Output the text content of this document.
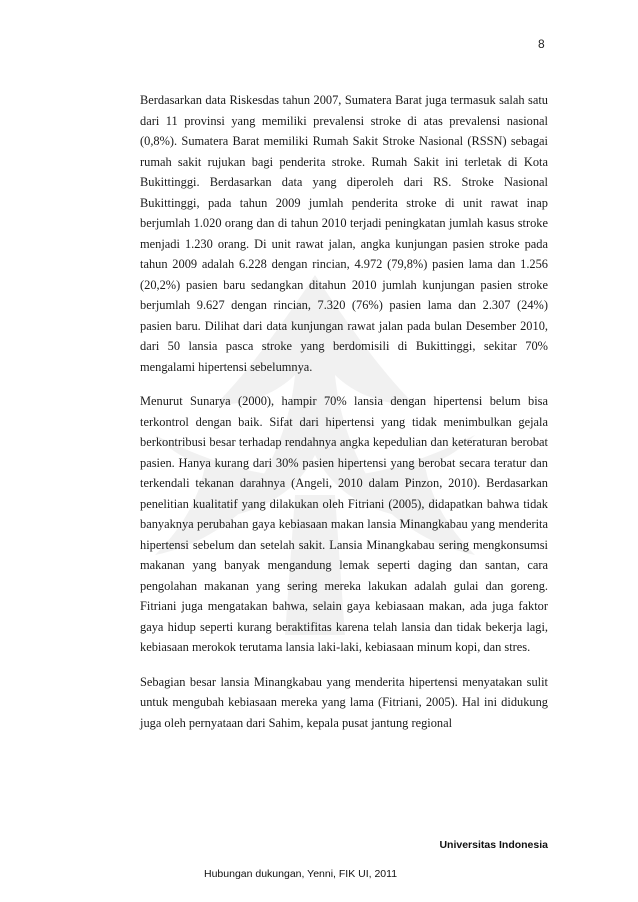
8

Berdasarkan data Riskesdas tahun 2007, Sumatera Barat juga termasuk salah satu dari 11 provinsi yang memiliki prevalensi stroke di atas prevalensi nasional (0,8%). Sumatera Barat memiliki Rumah Sakit Stroke Nasional (RSSN) sebagai rumah sakit rujukan bagi penderita stroke. Rumah Sakit ini terletak di Kota Bukittinggi. Berdasarkan data yang diperoleh dari RS. Stroke Nasional Bukittinggi, pada tahun 2009 jumlah penderita stroke di unit rawat inap berjumlah 1.020 orang dan di tahun 2010 terjadi peningkatan jumlah kasus stroke menjadi 1.230 orang. Di unit rawat jalan, angka kunjungan pasien stroke pada tahun 2009 adalah 6.228 dengan rincian, 4.972 (79,8%) pasien lama dan 1.256 (20,2%) pasien baru sedangkan ditahun 2010 jumlah kunjungan pasien stroke berjumlah 9.627 dengan rincian, 7.320 (76%) pasien lama dan 2.307 (24%) pasien baru. Dilihat dari data kunjungan rawat jalan pada bulan Desember 2010, dari 50 lansia pasca stroke yang berdomisili di Bukittinggi, sekitar 70% mengalami hipertensi sebelumnya.

Menurut Sunarya (2000), hampir 70% lansia dengan hipertensi belum bisa terkontrol dengan baik. Sifat dari hipertensi yang tidak menimbulkan gejala berkontribusi besar terhadap rendahnya angka kepedulian dan keteraturan berobat pasien. Hanya kurang dari 30% pasien hipertensi yang berobat secara teratur dan terkendali tekanan darahnya (Angeli, 2010 dalam Pinzon, 2010). Berdasarkan penelitian kualitatif yang dilakukan oleh Fitriani (2005), didapatkan bahwa tidak banyaknya perubahan gaya kebiasaan makan lansia Minangkabau yang menderita hipertensi sebelum dan setelah sakit. Lansia Minangkabau sering mengkonsumsi makanan yang banyak mengandung lemak seperti daging dan santan, cara pengolahan makanan yang sering mereka lakukan adalah gulai dan goreng. Fitriani juga mengatakan bahwa, selain gaya kebiasaan makan, ada juga faktor gaya hidup seperti kurang beraktifitas karena telah lansia dan tidak bekerja lagi, kebiasaan merokok terutama lansia laki-laki, kebiasaan minum kopi, dan stres.

Sebagian besar lansia Minangkabau yang menderita hipertensi menyatakan sulit untuk mengubah kebiasaan mereka yang lama (Fitriani, 2005). Hal ini didukung juga oleh pernyataan dari Sahim, kepala pusat jantung regional

Universitas Indonesia
Hubungan dukungan, Yenni, FIK UI, 2011
